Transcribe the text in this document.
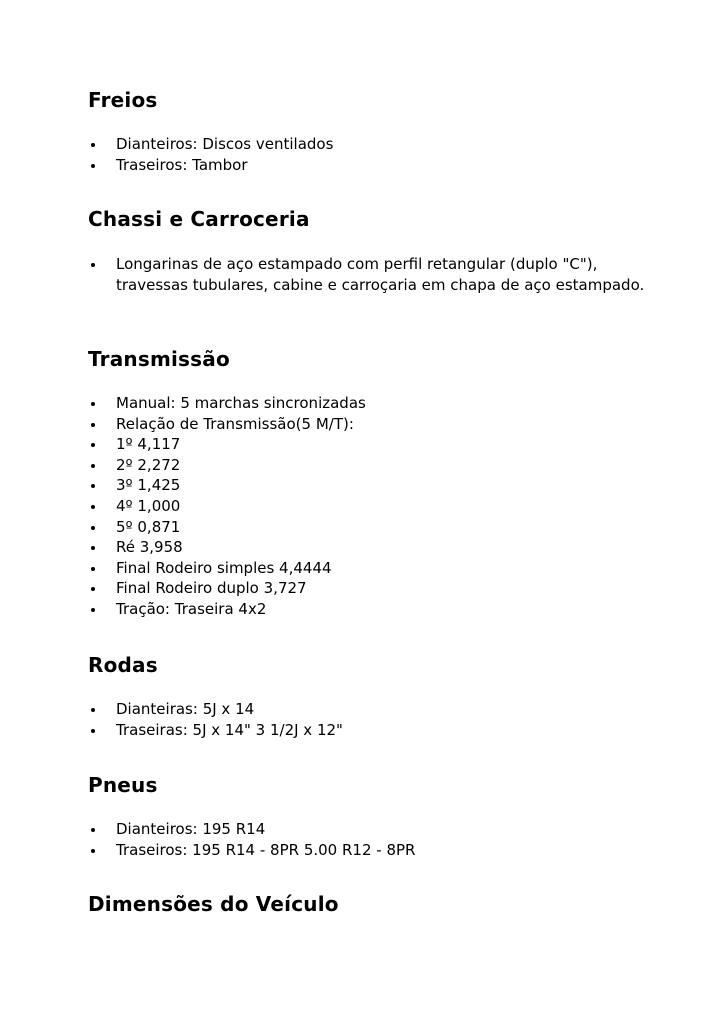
Freios
Dianteiros: Discos ventilados
Traseiros: Tambor
Chassi e Carroceria
Longarinas de aço estampado com perfil retangular (duplo "C"), travessas tubulares, cabine e carroçaria em chapa de aço estampado.
Transmissão
Manual: 5 marchas sincronizadas
Relação de Transmissão(5 M/T):
1º 4,117
2º 2,272
3º 1,425
4º 1,000
5º 0,871
Ré 3,958
Final Rodeiro simples 4,4444
Final Rodeiro duplo 3,727
Tração: Traseira 4x2
Rodas
Dianteiras: 5J x 14
Traseiras: 5J x 14" 3 1/2J x 12"
Pneus
Dianteiros: 195 R14
Traseiros: 195 R14 - 8PR 5.00 R12 - 8PR
Dimensões do Veículo
